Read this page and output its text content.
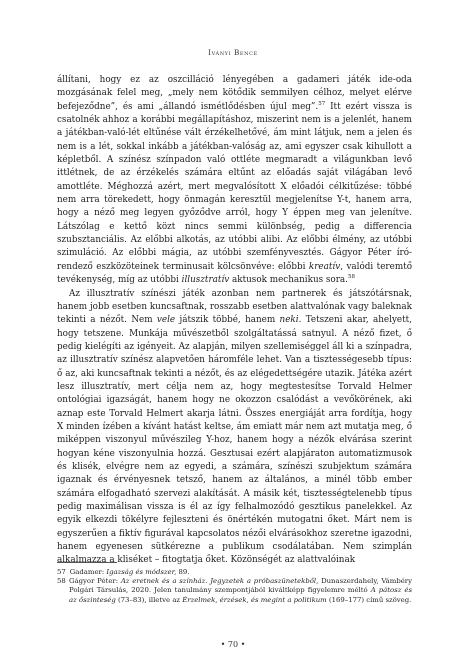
Iványi Bence

állítani, hogy ez az oszcilláció lényegében a gadameri játék ide-oda mozgásának felel meg, „mely nem kötődik semmilyen célhoz, melyet elérve befejeződne”, és ami „állandó ismétlődésben újul meg”.$^{57}$ Itt ezért vissza is csatolnék ahhoz a korábbi megállapításhoz, miszerint nem is a jelenlét, hanem a játékban-való-lét eltűnése vált érzékelhetővé, ám mint látjuk, nem a jelen és nem is a lét, sokkal inkább a játékban-valóság az, ami egyszer csak kihullott a képletből. A színész színpadon való ottléte megmaradt a világunkban levő ittlétnek, de az érzékelés számára eltűnt az előadás saját világában levő amottléte. Méghozzá azért, mert megvalósított X előadói célkitűzése: többé nem arra törekedett, hogy önmagán keresztül megjelenítse Y-t, hanem arra, hogy a néző meg legyen győződve arról, hogy Y éppen meg van jelenítve. Látszólag e kettő közt nincs semmi különbség, pedig a differencia szubsztanciális. Az előbbi alkotás, az utóbbi alibi. Az előbbi élmény, az utóbbi szimuláció. Az előbbi mágia, az utóbbi szemfényvesztés. Gágyor Péter író-rendező eszközöteinek terminusait kölcsönvéve: előbbi kreatív, valódi teremtő tevékenység, míg az utóbbi illusztratív aktusok mechanikus sora.$^{58}$

Az illusztratív színészi játék azonban nem partnerek és játszótársnak, hanem jobb esetben kuncsaftnak, rosszabb esetben alattvalónak vagy baleknak tekinti a nézőt. Nem vele játszik többé, hanem neki. Tetszeni akar, ahelyett, hogy tetszene. Munkája művészetből szolgáltatássá satnyul. A néző fizet, ő pedig kielégíti az igényeit. Az alapján, milyen szellemiséggel áll ki a színpadra, az illusztratív színész alapvetően háromféle lehet. Van a tisztességesebb típus: ő az, aki kuncsaftnak tekinti a nézőt, és az elégedettségére utazik. Játéka azért lesz illusztratív, mert célja nem az, hogy megtestesítse Torvald Helmer ontológiai igazságát, hanem hogy ne okozzon csalódást a vevőkörének, aki aznap este Torvald Helmert akarja látni. Összes energiáját arra fordítja, hogy X minden ízében a kívánt hatást keltse, ám emiatt már nem azt mutatja meg, ő miképpen viszonyul művészileg Y-hoz, hanem hogy a nézők elvárása szerint hogyan kéne viszonyulnia hozzá. Gesztusai ezért alapjáraton automatizmusok és klisék, elvégre nem az egyedi, a számára, színészi szubjektum számára igaznak és érvényesnek tetsző, hanem az általános, a minél több ember számára elfogadható szervezi alakítását. A másik két, tisztességtelenebb típus pedig maximálisan vissza is él az így felhalmozódó gesztikus panelekkel. Az egyik elkezdi tökélyre fejleszteni és önértékén mutogatni őket. Márt nem is egyszerűen a fiktív figurával kapcsolatos nézői elvárásokhoz szeretne igazodni, hanem egyenesen sütkérezne a publikum csodálatában. Nem szimplán alkalmazza a kliséket – fitogtatja őket. Közönségét az alattvalóinak

57 Gadamer: Igazság és módszer, 89.
58 Gágyor Péter: Az eretnek és a színház. Jegyzetek a próbaszünetekből, Dunaszerdahely, Vámbéry Polgári Társulás, 2020. Jelen tanulmány szempontjából kiváltképp figyelemre méltó A pátosz és az őszinteség (73–83), illetve az Érzelmek, érzések, és megint a politikum (169–177) című szöveg.
• 70 •
